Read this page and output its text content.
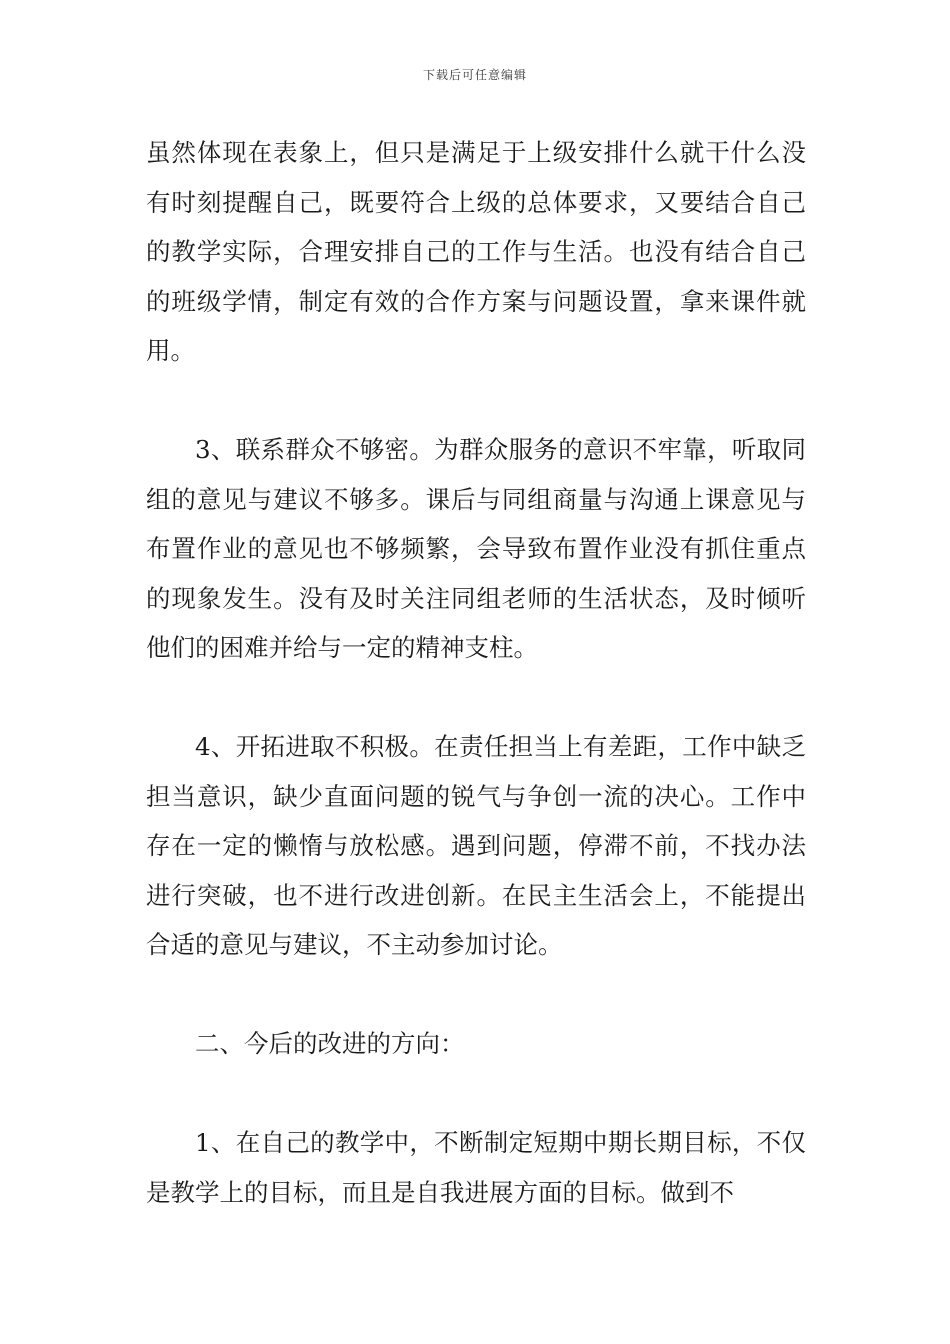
下载后可任意编辑

虽然体现在表象上，但只是满足于上级安排什么就干什么没有时刻提醒自己，既要符合上级的总体要求，又要结合自己的教学实际，合理安排自己的工作与生活。也没有结合自己的班级学情，制定有效的合作方案与问题设置，拿来课件就用。

3、联系群众不够密。为群众服务的意识不牢靠，听取同组的意见与建议不够多。课后与同组商量与沟通上课意见与布置作业的意见也不够频繁，会导致布置作业没有抓住重点的现象发生。没有及时关注同组老师的生活状态，及时倾听他们的困难并给与一定的精神支柱。

4、开拓进取不积极。在责任担当上有差距，工作中缺乏担当意识，缺少直面问题的锐气与争创一流的决心。工作中存在一定的懒惰与放松感。遇到问题，停滞不前，不找办法进行突破，也不进行改进创新。在民主生活会上，不能提出合适的意见与建议，不主动参加讨论。

二、今后的改进的方向：

1、在自己的教学中，不断制定短期中期长期目标，不仅是教学上的目标，而且是自我进展方面的目标。做到不
